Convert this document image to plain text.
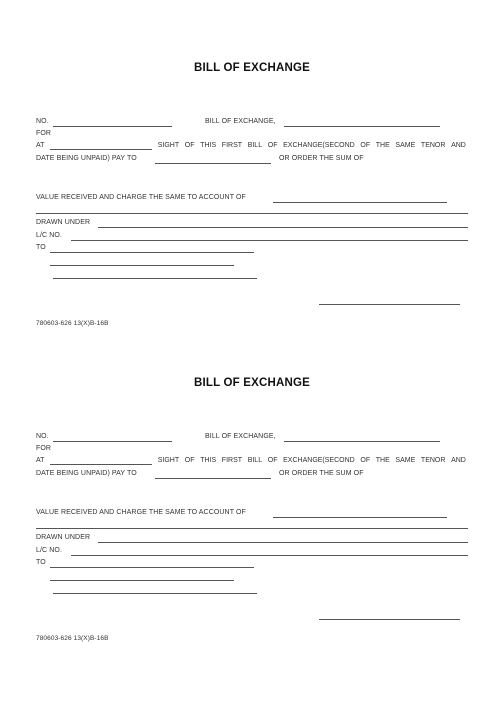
BILL OF EXCHANGE
NO.	BILL OF EXCHANGE,
FOR
AT	SIGHT OF THIS FIRST BILL OF EXCHANGE(SECOND OF THE SAME TENOR AND
DATE BEING UNPAID) PAY TO	OR ORDER THE SUM OF
VALUE RECEIVED AND CHARGE THE SAME TO ACCOUNT OF
DRAWN UNDER
L/C NO.
TO
780603-626 13(X)B-16B
BILL OF EXCHANGE
NO.	BILL OF EXCHANGE,
FOR
AT	SIGHT OF THIS FIRST BILL OF EXCHANGE(SECOND OF THE SAME TENOR AND
DATE BEING UNPAID) PAY TO	OR ORDER THE SUM OF
VALUE RECEIVED AND CHARGE THE SAME TO ACCOUNT OF
DRAWN UNDER
L/C NO.
TO
780603-626 13(X)B-16B
